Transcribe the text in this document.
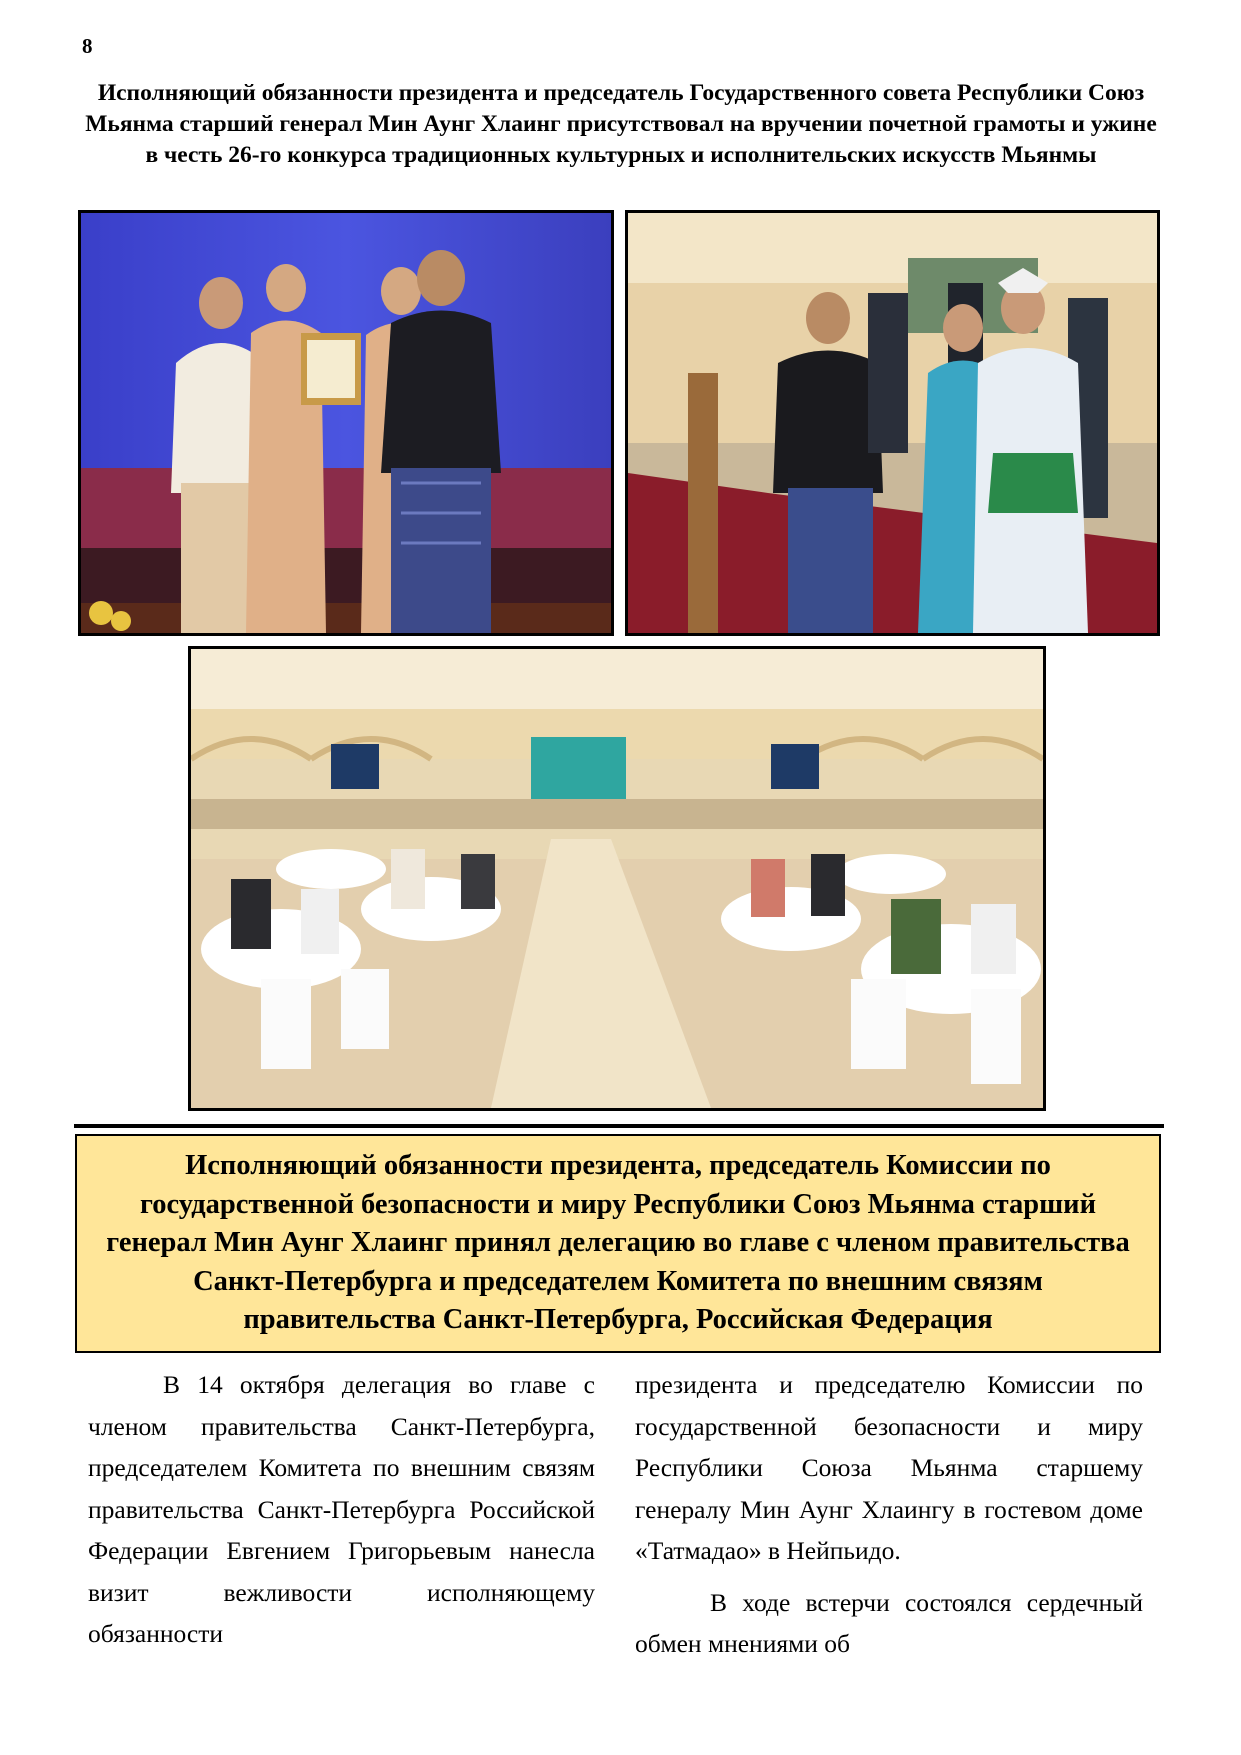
8
Исполняющий обязанности президента и председатель Государственного совета Республики Союз Мьянма старший генерал Мин Аунг Хлаинг присутствовал на вручении почетной грамоты и ужине в честь 26-го конкурса традиционных культурных и исполнительских искусств Мьянмы
Исполняющий обязанности президента, председатель Комиссии по государственной безопасности и миру Республики Союз Мьянма старший генерал Мин Аунг Хлаинг принял делегацию во главе с членом правительства Санкт-Петербурга и председателем Комитета по внешним связям правительства Санкт-Петербурга, Российская Федерация

В 14 октября делегация во главе с членом правительства Санкт-Петербурга, председателем Комитета по внешним связям правительства Санкт-Петербурга Российской Федерации Евгением Григорьевым нанесла визит вежливости исполняющему обязанности

президента и председателю Комиссии по государственной безопасности и миру Республики Союза Мьянма старшему генералу Мин Аунг Хлаингу в гостевом доме «Татмадао» в Нейпьидо.

В ходе встерчи состоялся сердечный обмен мнениями об
